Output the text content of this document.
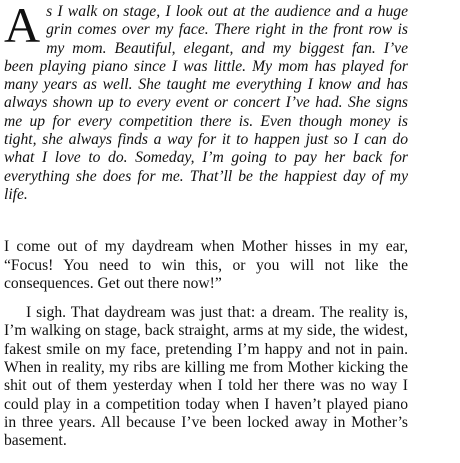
As I walk on stage, I look out at the audience and a huge grin comes over my face. There right in the front row is my mom. Beautiful, elegant, and my biggest fan. I’ve been playing piano since I was little. My mom has played for many years as well. She taught me everything I know and has always shown up to every event or concert I’ve had. She signs me up for every competition there is. Even though money is tight, she always finds a way for it to happen just so I can do what I love to do. Someday, I’m going to pay her back for everything she does for me. That’ll be the happiest day of my life.

I come out of my daydream when Mother hisses in my ear, “Focus! You need to win this, or you will not like the consequences. Get out there now!”

I sigh. That daydream was just that: a dream. The reality is, I’m walking on stage, back straight, arms at my side, the widest, fakest smile on my face, pretending I’m happy and not in pain. When in reality, my ribs are killing me from Mother kicking the shit out of them yesterday when I told her there was no way I could play in a competition today when I haven’t played piano in three years. All because I’ve been locked away in Mother’s basement.
